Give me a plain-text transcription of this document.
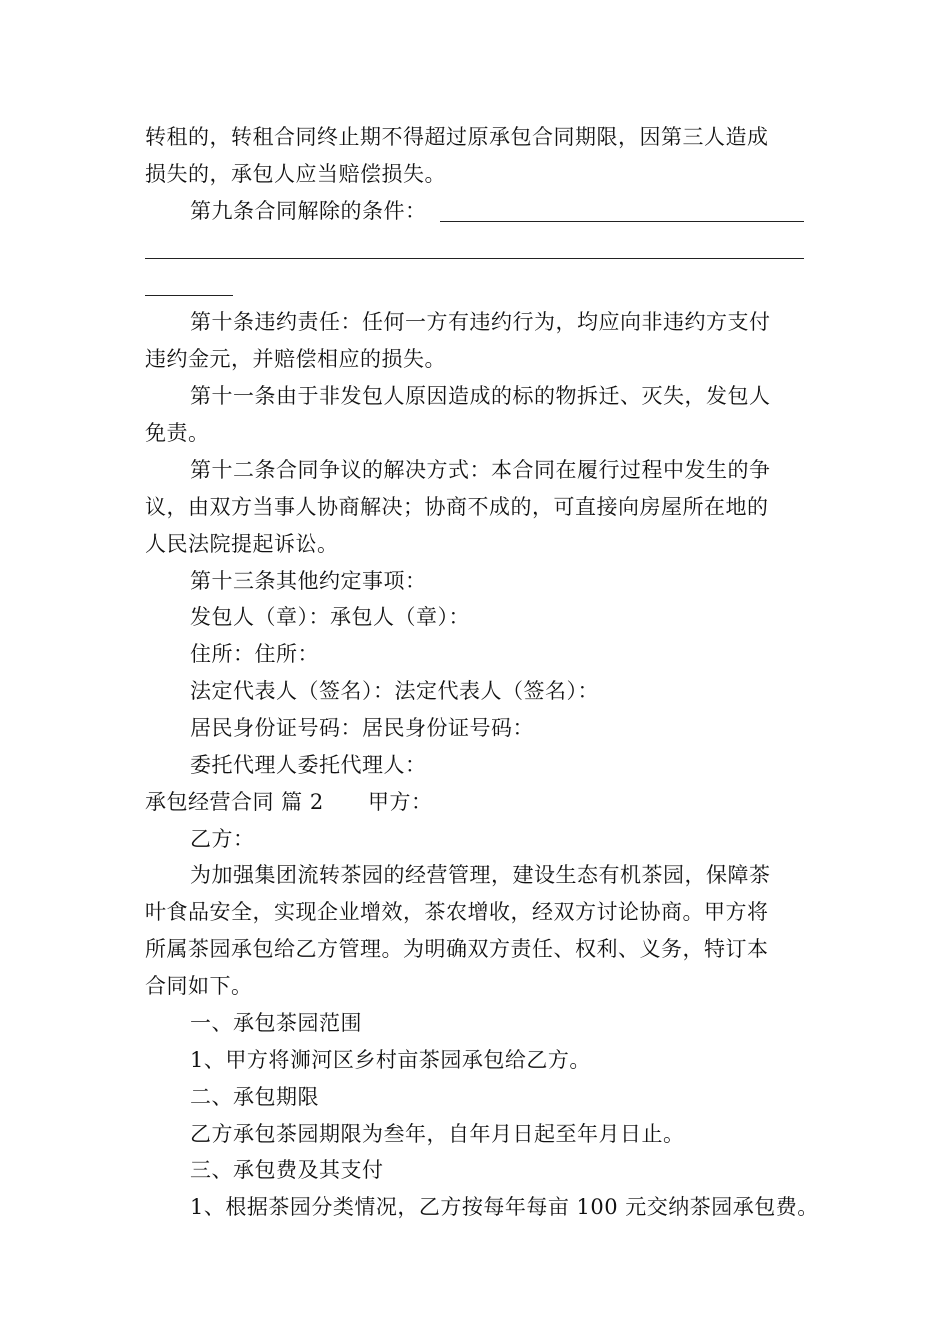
转租的，转租合同终止期不得超过原承包合同期限，因第三人造成
损失的，承包人应当赔偿损失。
第九条合同解除的条件：
第十条违约责任：任何一方有违约行为，均应向非违约方支付
违约金元，并赔偿相应的损失。
第十一条由于非发包人原因造成的标的物拆迁、灭失，发包人
免责。
第十二条合同争议的解决方式：本合同在履行过程中发生的争
议，由双方当事人协商解决；协商不成的，可直接向房屋所在地的
人民法院提起诉讼。
第十三条其他约定事项：
发包人（章）：承包人（章）：
住所：住所：
法定代表人（签名）：法定代表人（签名）：
居民身份证号码：居民身份证号码：
委托代理人委托代理人：
承包经营合同 篇 2 甲方：
乙方：
为加强集团流转茶园的经营管理，建设生态有机茶园，保障茶
叶食品安全，实现企业增效，茶农增收，经双方讨论协商。甲方将
所属茶园承包给乙方管理。为明确双方责任、权利、义务，特订本
合同如下。
一、承包茶园范围
1、甲方将浉河区乡村亩茶园承包给乙方。
二、承包期限
乙方承包茶园期限为叁年，自年月日起至年月日止。
三、承包费及其支付
1、根据茶园分类情况，乙方按每年每亩 100 元交纳茶园承包费。
